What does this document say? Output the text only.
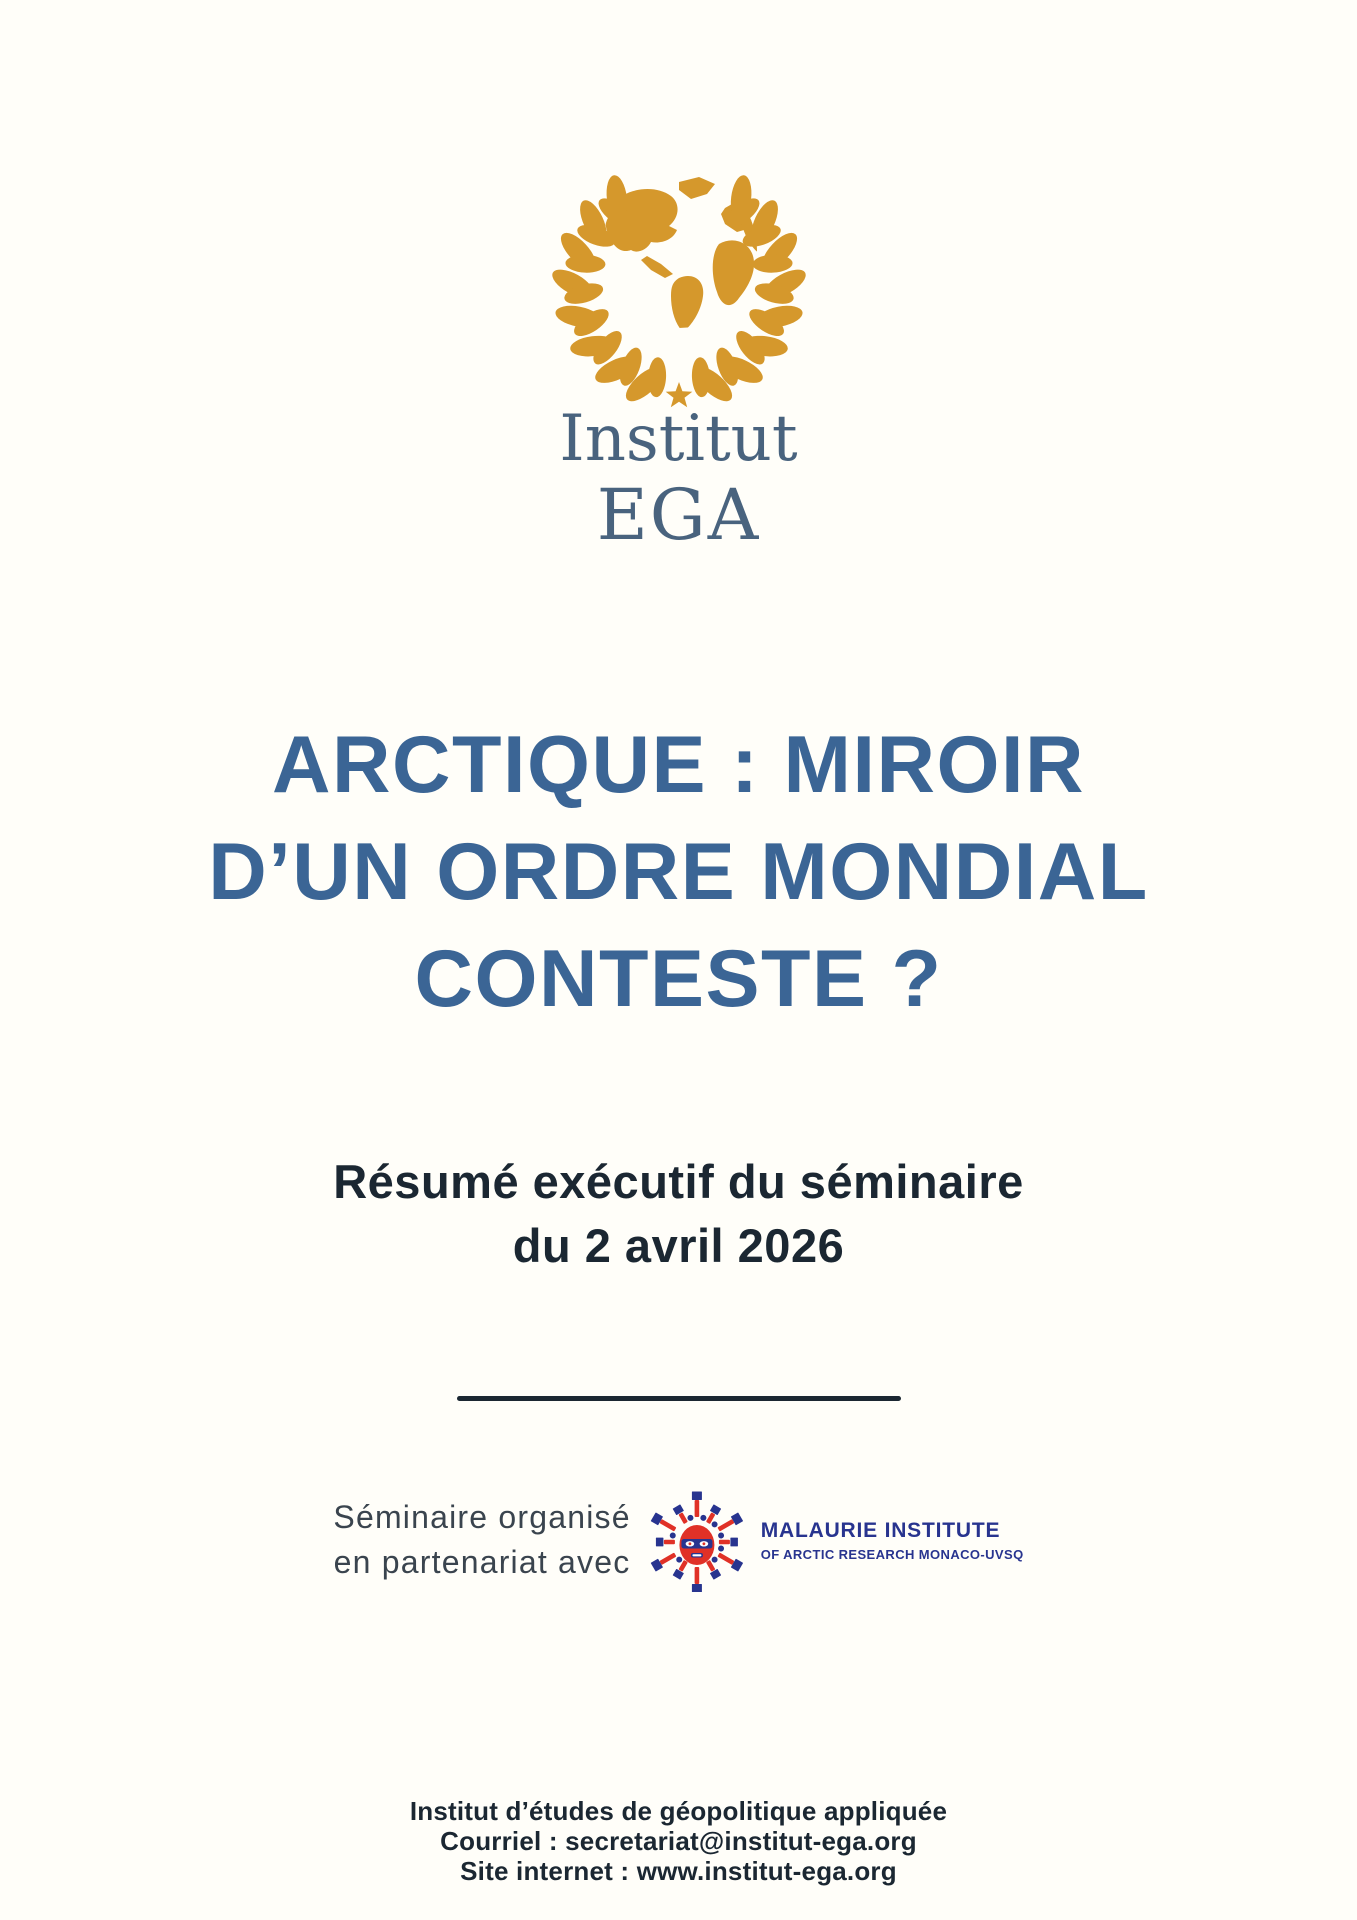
Institut
EGA
ARCTIQUE : MIROIR
D’UN ORDRE MONDIAL
CONTESTE ?
Résumé exécutif du séminaire
du 2 avril 2026
Séminaire organisé
en partenariat avec
MALAURIE INSTITUTE
OF ARCTIC RESEARCH MONACO-UVSQ
Institut d’études de géopolitique appliquée
Courriel : secretariat@institut-ega.org
Site internet : www.institut-ega.org
